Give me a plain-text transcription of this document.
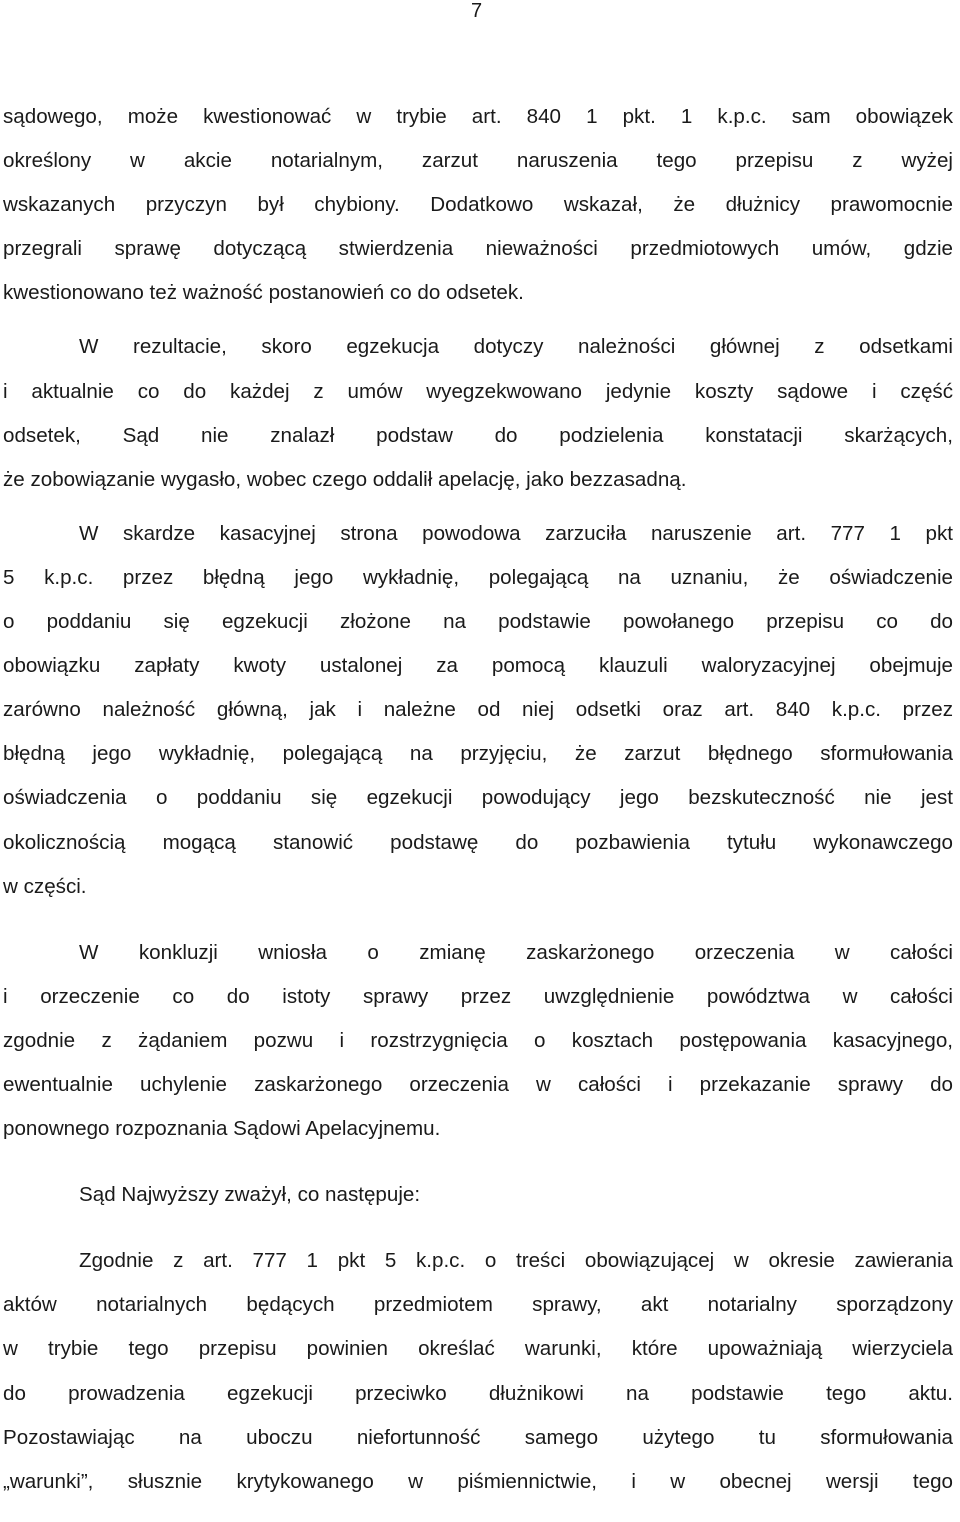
7
sądowego, może kwestionować w trybie art. 840 1 pkt. 1 k.p.c. sam obowiązek
określony w akcie notarialnym, zarzut naruszenia tego przepisu z wyżej
wskazanych przyczyn był chybiony. Dodatkowo wskazał, że dłużnicy prawomocnie
przegrali sprawę dotyczącą stwierdzenia nieważności przedmiotowych umów, gdzie
kwestionowano też ważność postanowień co do odsetek.
W rezultacie, skoro egzekucja dotyczy należności głównej z odsetkami
i aktualnie co do każdej z umów wyegzekwowano jedynie koszty sądowe i część
odsetek, Sąd nie znalazł podstaw do podzielenia konstatacji skarżących,
że zobowiązanie wygasło, wobec czego oddalił apelację, jako bezzasadną.
W skardze kasacyjnej strona powodowa zarzuciła naruszenie art. 777 1 pkt
5 k.p.c. przez błędną jego wykładnię, polegającą na uznaniu, że oświadczenie
o poddaniu się egzekucji złożone na podstawie powołanego przepisu co do
obowiązku zapłaty kwoty ustalonej za pomocą klauzuli waloryzacyjnej obejmuje
zarówno należność główną, jak i należne od niej odsetki oraz art. 840 k.p.c. przez
błędną jego wykładnię, polegającą na przyjęciu, że zarzut błędnego sformułowania
oświadczenia o poddaniu się egzekucji powodujący jego bezskuteczność nie jest
okolicznością mogącą stanowić podstawę do pozbawienia tytułu wykonawczego
w części.
W konkluzji wniosła o zmianę zaskarżonego orzeczenia w całości
i orzeczenie co do istoty sprawy przez uwzględnienie powództwa w całości
zgodnie z żądaniem pozwu i rozstrzygnięcia o kosztach postępowania kasacyjnego,
ewentualnie uchylenie zaskarżonego orzeczenia w całości i przekazanie sprawy do
ponownego rozpoznania Sądowi Apelacyjnemu.
Sąd Najwyższy zważył, co następuje:
Zgodnie z art. 777 1 pkt 5 k.p.c. o treści obowiązującej w okresie zawierania
aktów notarialnych będących przedmiotem sprawy, akt notarialny sporządzony
w trybie tego przepisu powinien określać warunki, które upoważniają wierzyciela
do prowadzenia egzekucji przeciwko dłużnikowi na podstawie tego aktu.
Pozostawiając na uboczu niefortunność samego użytego tu sformułowania
„warunki”, słusznie krytykowanego w piśmiennictwie, i w obecnej wersji tego
